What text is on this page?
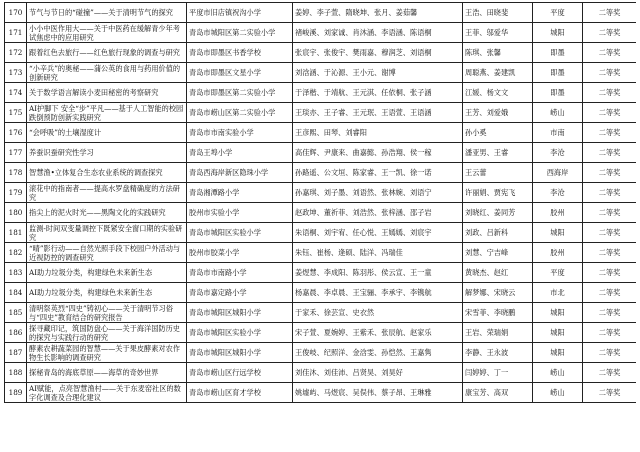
170	节气与节日的“碰撞”——关于清明节气的探究	平度市旧店镇祝沟小学	姜婷、李子萱、隋晓坤、张月、姜茹馨	王浩、田晓斐	平度	二等奖
171	小小中医作用大——关于中医药在缓解青少年考试焦虑中的应用研究	青岛市城阳区第二实验小学	褚峻溪、刘家诚、肖沐涵、李语涵、陈语桐	王菲、邬爱华	城阳	二等奖
172	跟着红色去旅行——红色旅行现象的调查与研究	青岛市即墨区书香学校	张宸宇、张俊宇、樊雨嘉、穆润芝、刘语桐	陈琪、张馨	即墨	二等奖
173	“小辛兵”的奥秘——蒲公英的食用与药用价值的创新研究	青岛市即墨区文星小学	刘浛涵、于沁源、王小元、谢博	周聪燕、姜建凯	即墨	二等奖
174	关于数学语言解读小麦田秘密的考察研究	青岛市即墨区第二实验小学	于泽楷、于靖航、王元淇、任依桐、张子涵	江媛、杨文文	即墨	二等奖
175	AI护脚下 安全“步”平凡——基于人工智能的校园跌倒预防创新实践研究	青岛市崂山区第二实验小学	王琰亦、王子睿、王元珉、王语萱、王语涵	王芳、刘爱娥	崂山	二等奖
176	“会呼吸”的土壤湿度计	青岛市市南实验小学	王彦熙、田琴、刘睿阳	孙小奚	市南	二等奖
177	养蚕识蚕研究性学习	青岛王埠小学	高佳辉、尹康来、曲嘉懿、孙浩翔、侯一稼	潘亚男、王睿	李沧	二等奖
178	智慧渔•立体复合生态农业系统的调查探究	青岛西海岸新区隐珠小学	孙路遥、公文垣、陈家睿、王一凯、徐一诺	王云蕾	西海岸	二等奖
179	滚花中的指南者——提高水罗盘精确度的方法研究	青岛湘潭路小学	孙嘉琪、刘子墨、刘语然、张林婉、刘语宁	许丽娟、贾宪飞	李沧	二等奖
180	指尖上的泥火时光——黑陶文化的实践研究	胶州市实验小学	赵政坤、董祈菲、刘浩然、张梓涵、邵子岩	刘晓红、姜同芳	胶州	二等奖
181	监测-时间双变量调控下既紧安全窗口期的实验研究	青岛市城阳区实验小学	朱语桐、刘宇宥、任心悦、王嫣嫣、刘宸宇	刘政、吕新科	城阳	二等奖
182	“晴”影行动——自然光照手段下校园户外活动与近视防控的调查研究	胶州市胶菜小学	朱钰、崔杨、逄硕、陆洋、冯瑞佳	刘慧、宁吉峰	胶州	二等奖
183	AI助力垃圾分类，构建绿色未来新生态	青岛市市南路小学	姜煜慧、李成阳、陈羽彤、侯云宣、王一童	黄晓杰、赵红	平度	二等奖
184	AI助力垃圾分类，构建绿色未来新生态	青岛市嘉定路小学	杨嘉晨、李卓晨、王宝骊、李承宇、李镌航	解梦娜、宋晓云	市北	二等奖
185	清明祭英烈“四史”铸初心——关于清明节习俗与“四史”教育结合的研究报告	青岛市城阳区城阳小学	于家禾、徐芸宣、史衣然	宋雪菲、李晓鹏	城阳	二等奖
186	探寻藏印记，筑国防盘心——关于海洋国防历史的探究与实践行动的研究	青岛市城阳区实验小学	宋子萱、夏婉婷、王紫禾、张辰航、赵家乐	王岩、荣瑞娟	城阳	二等奖
187	酵素农耕蔬菜园的智慧——关于果皮酵素对农作物生长影响的调查研究	青岛市城阳区城阳小学	王俊岐、纪照洋、金浛雯、孙恺然、王嘉隽	李静、王永波	城阳	二等奖
188	探秘青岛的海底草原——海草的奇妙世界	青岛市崂山区行远学校	刘佳沐、刘佳沛、吕贤昊、刘昊好	闫婷婷、丁一	崂山	二等奖
189	AI赋能，点亮智慧渔村——关于东麦窑社区的数字化调查及合理化建议	青岛市崂山区育才学校	姚墟屿、马煜宸、吴俣伟、蔡子昂、王琳雅	康宝芳、高双	崂山	二等奖
